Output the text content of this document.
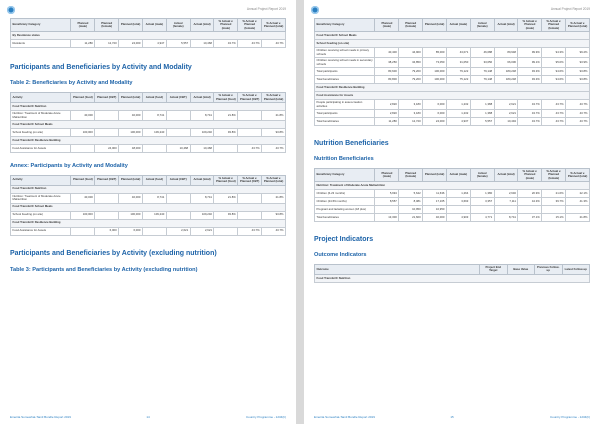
Annual Project Report 2019
Beneficiary Category	Planned (male)	Planned (female)	Planned (total)	Actual (male)	Actual (female)	Actual (total)	% Actual v. Planned (male)	% Actual v. Planned (female)	% Actual v. Planned (total)
By Residence status									
Residents	11,280	12,720	24,000	4,947	5,557	10,468	43.7%	43.7%	43.7%
Participants and Beneficiaries by Activity and Modality
Table 2: Beneficiaries by Activity and Modality
Activity	Planned (food)	Planned (CBT)	Planned (total)	Actual (food)	Actual (CBT)	Actual (total)	% Actual v. Planned (food)	% Actual v. Planned (CBT)	% Actual v. Planned (total)
Food Transfer/C Nutrition									
Nutrition: Treatment of Moderate Acute Malnutrition	40,000		40,000	8,741		8,741	21.8%		21.8%
Food Transfer/C School Meals									
School Feeding (on-site)	100,000		100,000	109,240		109,240	93.8%		93.8%
Food Transfer/C Resilience Building									
Food Assistance for Assets		24,000	48,000		10,468	10,468		43.7%	43.7%
Annex: Participants by Activity and Modality
Activity	Planned (food)	Planned (CBT)	Planned (total)	Actual (food)	Actual (CBT)	Actual (total)	% Actual v. Planned (food)	% Actual v. Planned (CBT)	% Actual v. Planned (total)
Food Transfer/C Nutrition									
Nutrition: Treatment of Moderate Acute Malnutrition	40,000		40,000	8,741		8,741	21.8%		21.8%
Food Transfer/C School Meals									
School Feeding (on-site)	100,000		100,000	109,240		109,240	93.8%		93.8%
Food Transfer/C Resilience Building									
Food Assistance for Assets		6,000	6,000		2,621	2,621		43.7%	43.7%
Participants and Beneficiaries by Activity (excluding nutrition)
Table 3: Participants and Beneficiaries by Activity (excluding nutrition)
Emerita Somewhat-Tamil Bundle Report 2019	14	Country Programme - 1234(h)
Annual Project Report 2019
Beneficiary Category	Planned (male)	Planned (female)	Planned (total)	Actual (male)	Actual (female)	Actual (total)	% Actual v. Planned (male)	% Actual v. Planned (female)	% Actual v. Planned (total)
Food Transfer/C School Meals									
School Feeding (on-site)									
Children receiving school meals in primary schools	40,400	44,900	85,000	43,071	46,088	89,948	99.9%	94.3%	99.2%
Children receiving school meals in secondary schools	38,250	34,850	73,050	31,050	33,056	66,006	99.1%	95.0%	93.9%
Total participants	80,600	79,200	100,000	79,122	79,148	180,248	93.3%	94.6%	93.8%
Total beneficiaries	80,800	79,200	100,000	75,122	79,148	180,248	93.3%	94.6%	93.8%
Food Transfer/C Resilience Building									
Food Assistance for Assets									
People participating in asset-creation activities	2,820	3,180	6,000	1,232	1,388	2,621	43.7%	43.7%	43.7%
Total participants	2,820	3,180	6,000	1,232	1,388	2,621	43.7%	43.7%	43.7%
Total beneficiaries	11,280	12,720	24,000	4,937	5,557	10,494	43.7%	43.7%	43.7%
Nutrition Beneficiaries
Nutrition Beneficiaries
Beneficiary Category	Planned (male)	Planned (female)	Planned (total)	Actual (male)	Actual (female)	Actual (total)	% Actual v. Planned (male)	% Actual v. Planned (female)	% Actual v. Planned (total)
Nutrition: Treatment of Moderate Acute Malnutrition									
Children (6-23 months)	5,994	5,642	11,636	1,264	1,380	2,646	20.9%	21.6%	22.1%
Children (24-59 months)	8,557	8,081	17,165	3,693	3,357	7,111	44.3%	39.7%	41.3%
Pregnant and lactating women (18 plus)		10,950	10,950						
Total beneficiaries	13,300	21,600	40,000	4,903	4,771	8,741	37.1%	15.1%	21.8%
Project Indicators
Outcome Indicators
Outcome	Project End Target	Base Value	Previous Follow-up	Latest Follow-up
Food Transfer/C Nutrition
Emerita Somewhat-Tamil Bundle Report 2019	15	Country Programme - 1234(h)
